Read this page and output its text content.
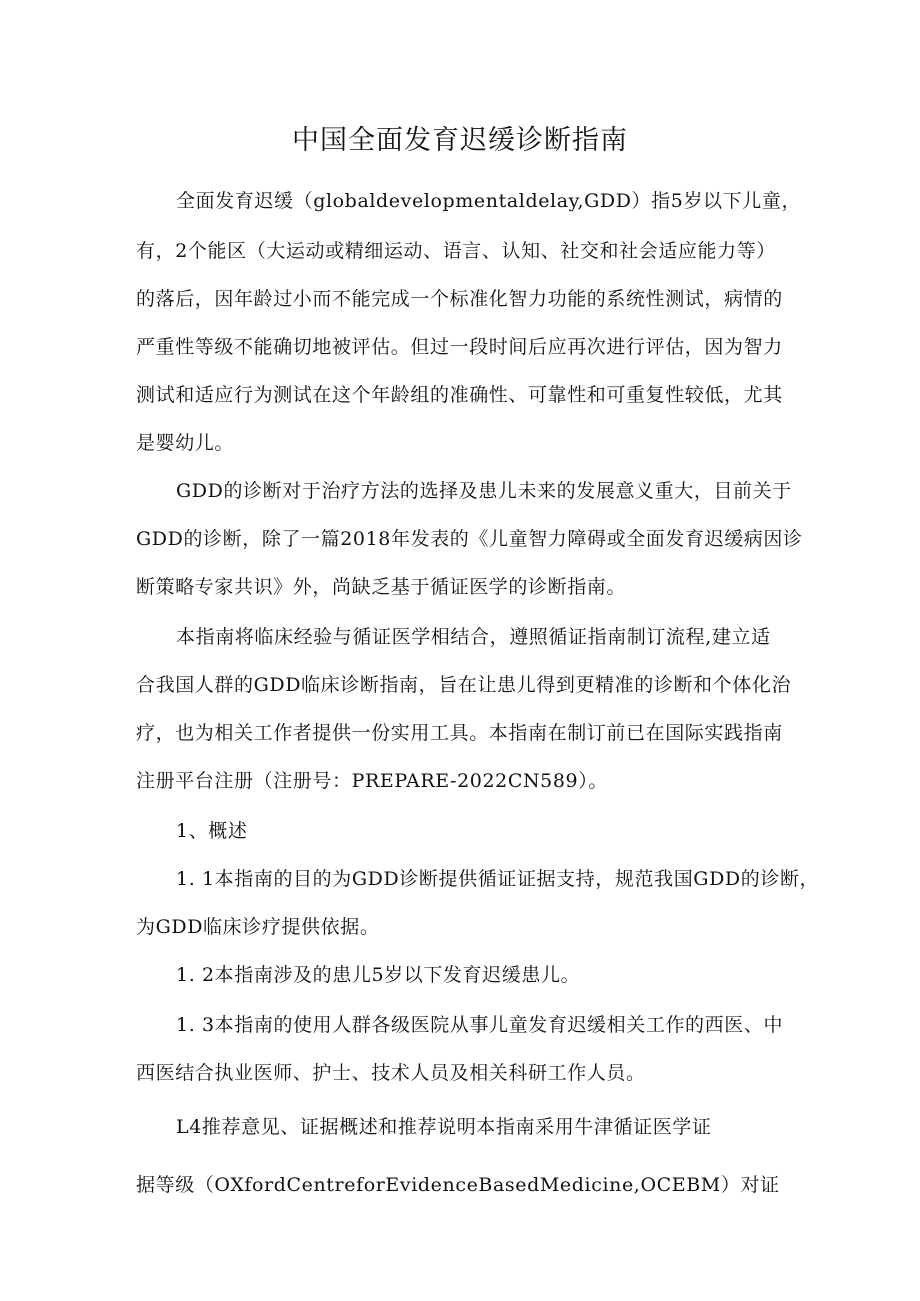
中国全面发育迟缓诊断指南
全面发育迟缓（globaldevelopmentaldelay,GDD）指5岁以下儿童，
有，2个能区（大运动或精细运动、语言、认知、社交和社会适应能力等）
的落后，因年龄过小而不能完成一个标准化智力功能的系统性测试，病情的
严重性等级不能确切地被评估。但过一段时间后应再次进行评估，因为智力
测试和适应行为测试在这个年龄组的准确性、可靠性和可重复性较低，尤其
是婴幼儿。
GDD的诊断对于治疗方法的选择及患儿未来的发展意义重大，目前关于
GDD的诊断，除了一篇2018年发表的《儿童智力障碍或全面发育迟缓病因诊
断策略专家共识》外，尚缺乏基于循证医学的诊断指南。
本指南将临床经验与循证医学相结合，遵照循证指南制订流程,建立适
合我国人群的GDD临床诊断指南，旨在让患儿得到更精准的诊断和个体化治
疗，也为相关工作者提供一份实用工具。本指南在制订前已在国际实践指南
注册平台注册（注册号：PREPARE-2022CN589）。
1、概述
1. 1本指南的目的为GDD诊断提供循证证据支持，规范我国GDD的诊断，
为GDD临床诊疗提供依据。
1. 2本指南涉及的患儿5岁以下发育迟缓患儿。
1. 3本指南的使用人群各级医院从事儿童发育迟缓相关工作的西医、中
西医结合执业医师、护士、技术人员及相关科研工作人员。
L4推荐意见、证据概述和推荐说明本指南采用牛津循证医学证
据等级（OXfordCentreforEvidenceBasedMedicine,OCEBM）对证
